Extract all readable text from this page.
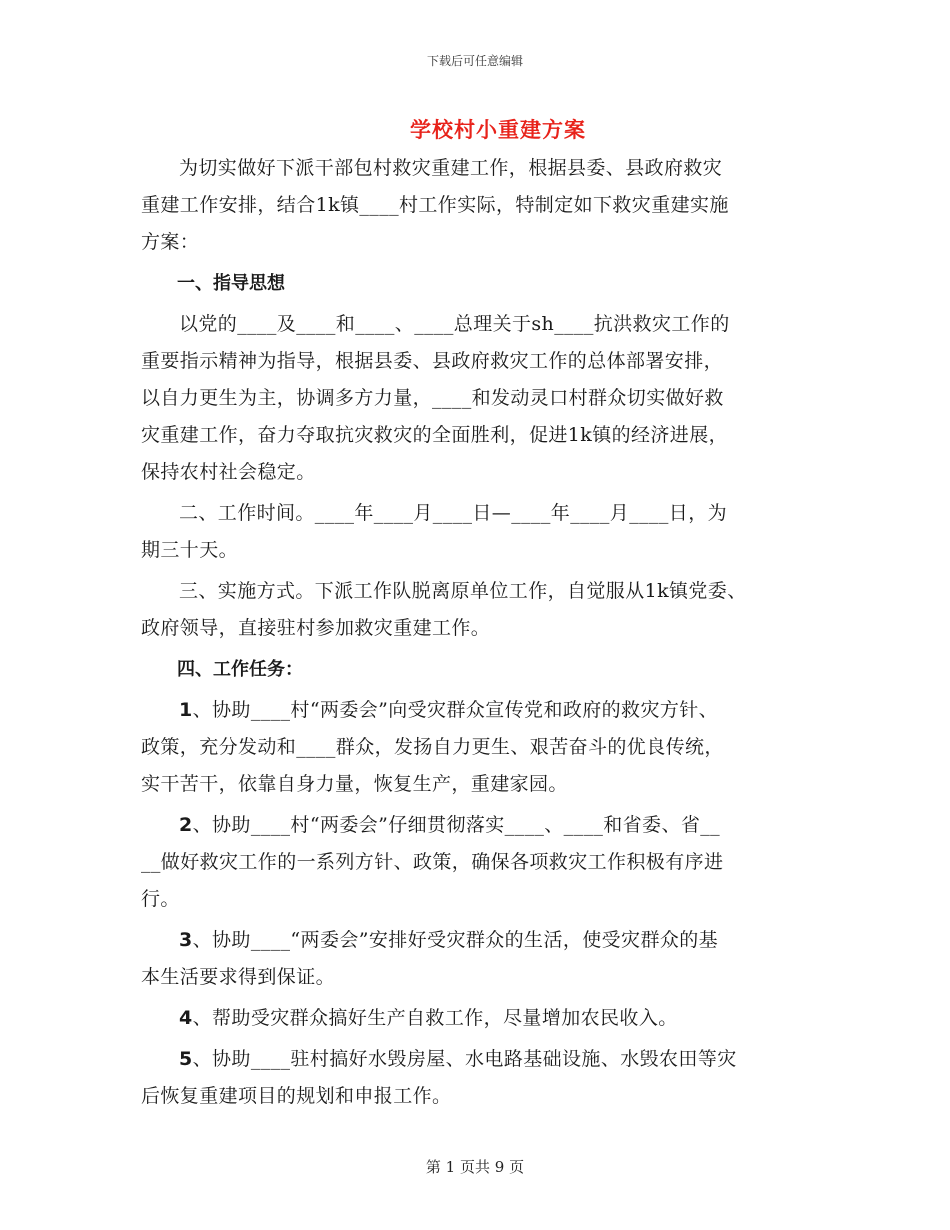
下载后可任意编辑
学校村小重建方案
为切实做好下派干部包村救灾重建工作，根据县委、县政府救灾
重建工作安排，结合1k镇____村工作实际，特制定如下救灾重建实施
方案：
一、指导思想
以党的____及____和____、____总理关于sh____抗洪救灾工作的
重要指示精神为指导，根据县委、县政府救灾工作的总体部署安排，
以自力更生为主，协调多方力量，____和发动灵口村群众切实做好救
灾重建工作，奋力夺取抗灾救灾的全面胜利，促进1k镇的经济进展，
保持农村社会稳定。
二、工作时间。____年____月____日—____年____月____日，为
期三十天。
三、实施方式。下派工作队脱离原单位工作，自觉服从1k镇党委、
政府领导，直接驻村参加救灾重建工作。
四、工作任务：
1、协助____村“两委会”向受灾群众宣传党和政府的救灾方针、
政策，充分发动和____群众，发扬自力更生、艰苦奋斗的优良传统，
实干苦干，依靠自身力量，恢复生产，重建家园。
2、协助____村“两委会”仔细贯彻落实____、____和省委、省__
__做好救灾工作的一系列方针、政策，确保各项救灾工作积极有序进
行。
3、协助____“两委会”安排好受灾群众的生活，使受灾群众的基
本生活要求得到保证。
4、帮助受灾群众搞好生产自救工作，尽量增加农民收入。
5、协助____驻村搞好水毁房屋、水电路基础设施、水毁农田等灾
后恢复重建项目的规划和申报工作。
第 1 页共 9 页
